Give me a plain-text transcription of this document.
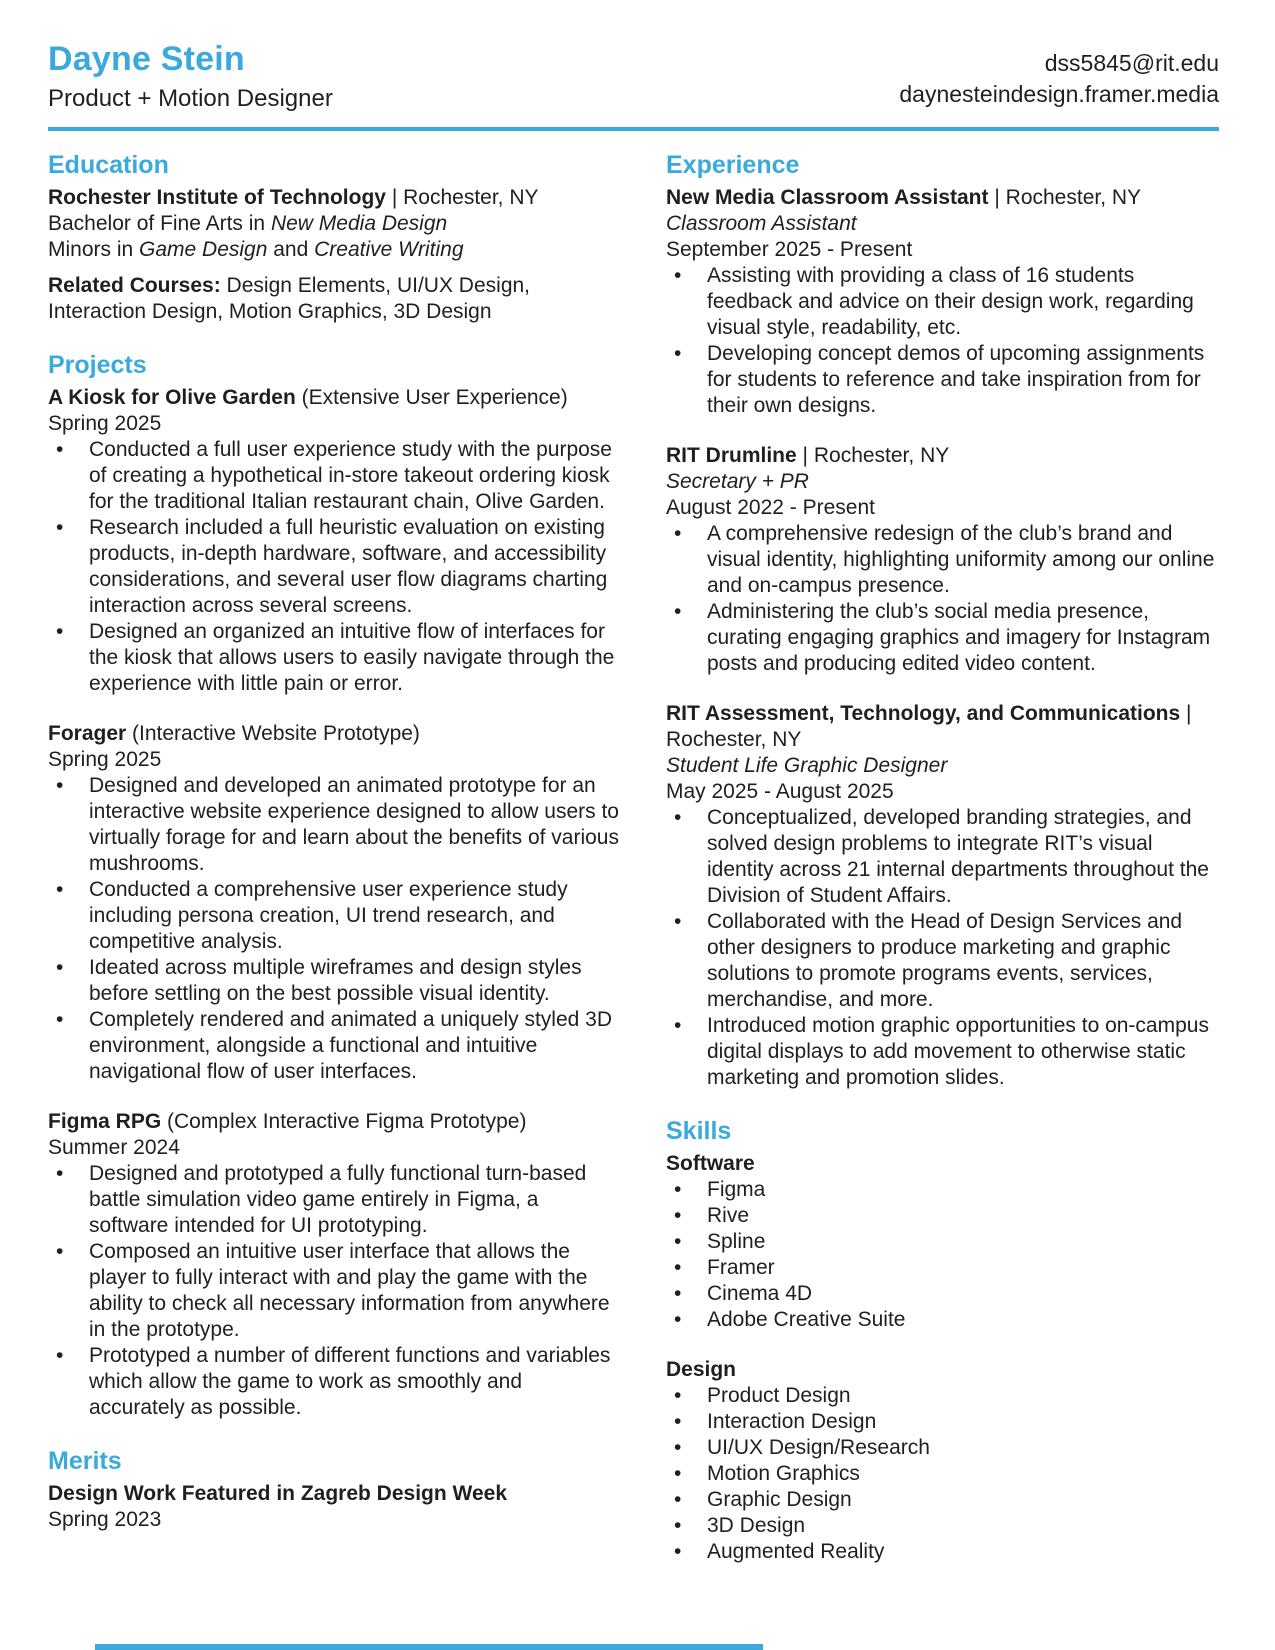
Dayne Stein
Product + Motion Designer
dss5845@rit.edu
daynesteindesign.framer.media
Education

Rochester Institute of Technology | Rochester, NY

Bachelor of Fine Arts in New Media Design

Minors in Game Design and Creative Writing

Related Courses: Design Elements, UI/UX Design, Interaction Design, Motion Graphics, 3D Design

Projects

A Kiosk for Olive Garden (Extensive User Experience)

Spring 2025

• Conducted a full user experience study with the purpose of creating a hypothetical in-store takeout ordering kiosk for the traditional Italian restaurant chain, Olive Garden.
• Research included a full heuristic evaluation on existing products, in-depth hardware, software, and accessibility considerations, and several user flow diagrams charting interaction across several screens.
• Designed an organized an intuitive flow of interfaces for the kiosk that allows users to easily navigate through the experience with little pain or error.

Forager (Interactive Website Prototype)

Spring 2025

• Designed and developed an animated prototype for an interactive website experience designed to allow users to virtually forage for and learn about the benefits of various mushrooms.
• Conducted a comprehensive user experience study including persona creation, UI trend research, and competitive analysis.
• Ideated across multiple wireframes and design styles before settling on the best possible visual identity.
• Completely rendered and animated a uniquely styled 3D environment, alongside a functional and intuitive navigational flow of user interfaces.

Figma RPG (Complex Interactive Figma Prototype)

Summer 2024

• Designed and prototyped a fully functional turn-based battle simulation video game entirely in Figma, a software intended for UI prototyping.
• Composed an intuitive user interface that allows the player to fully interact with and play the game with the ability to check all necessary information from anywhere in the prototype.
• Prototyped a number of different functions and variables which allow the game to work as smoothly and accurately as possible.
Merits

Design Work Featured in Zagreb Design Week

Spring 2023

Experience

New Media Classroom Assistant | Rochester, NY

Classroom Assistant

September 2025 - Present

• Assisting with providing a class of 16 students feedback and advice on their design work, regarding visual style, readability, etc.
• Developing concept demos of upcoming assignments for students to reference and take inspiration from for their own designs.

RIT Drumline | Rochester, NY

Secretary + PR

August 2022 - Present

• A comprehensive redesign of the club’s brand and visual identity, highlighting uniformity among our online and on-campus presence.
• Administering the club’s social media presence, curating engaging graphics and imagery for Instagram posts and producing edited video content.

RIT Assessment, Technology, and Communications | Rochester, NY

Student Life Graphic Designer

May 2025 - August 2025

• Conceptualized, developed branding strategies, and solved design problems to integrate RIT’s visual identity across 21 internal departments throughout the Division of Student Affairs.
• Collaborated with the Head of Design Services and other designers to produce marketing and graphic solutions to promote programs events, services, merchandise, and more.
• Introduced motion graphic opportunities to on-campus digital displays to add movement to otherwise static marketing and promotion slides.
Skills

Software

• Figma
• Rive
• Spline
• Framer
• Cinema 4D
• Adobe Creative Suite

Design

• Product Design
• Interaction Design
• UI/UX Design/Research
• Motion Graphics
• Graphic Design
• 3D Design
• Augmented Reality
